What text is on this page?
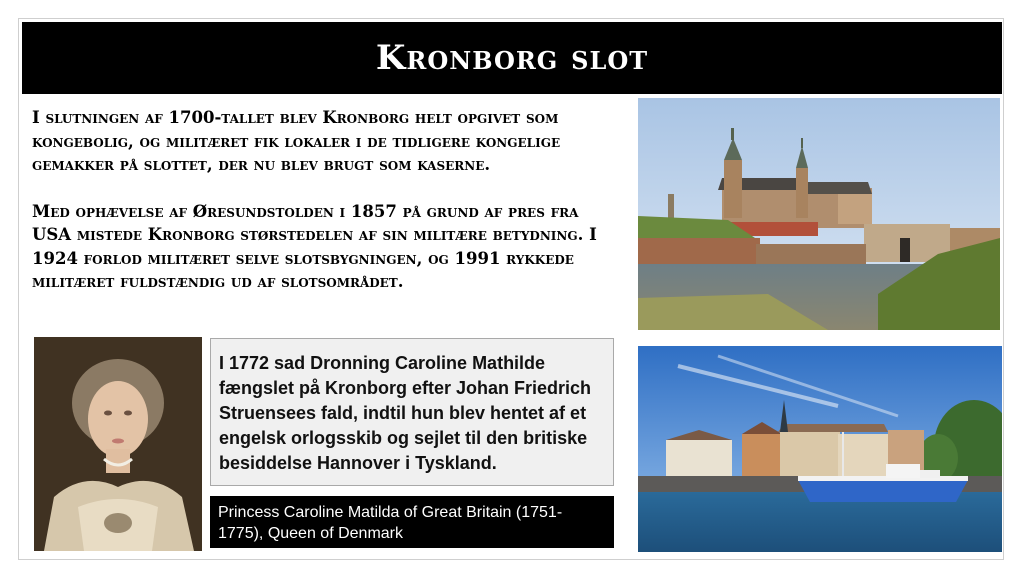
Kronborg slot

I slutningen af 1700-tallet blev Kronborg helt opgivet som kongebolig, og militæret fik lokaler i de tidligere kongelige gemakker på slottet, der nu blev brugt som kaserne.

Med ophævelse af Øresundstolden i 1857 på grund af pres fra USA mistede Kronborg størstedelen af sin militære betydning. I 1924 forlod militæret selve slotsbygningen, og 1991 rykkede militæret fuldstændig ud af slotsområdet.

I 1772 sad Dronning Caroline Mathilde fængslet på Kronborg efter Johan Friedrich Struensees fald, indtil hun blev hentet af et engelsk orlogsskib og sejlet til den britiske besiddelse Hannover i Tyskland.
Princess Caroline Matilda of Great Britain (1751-1775), Queen of Denmark
